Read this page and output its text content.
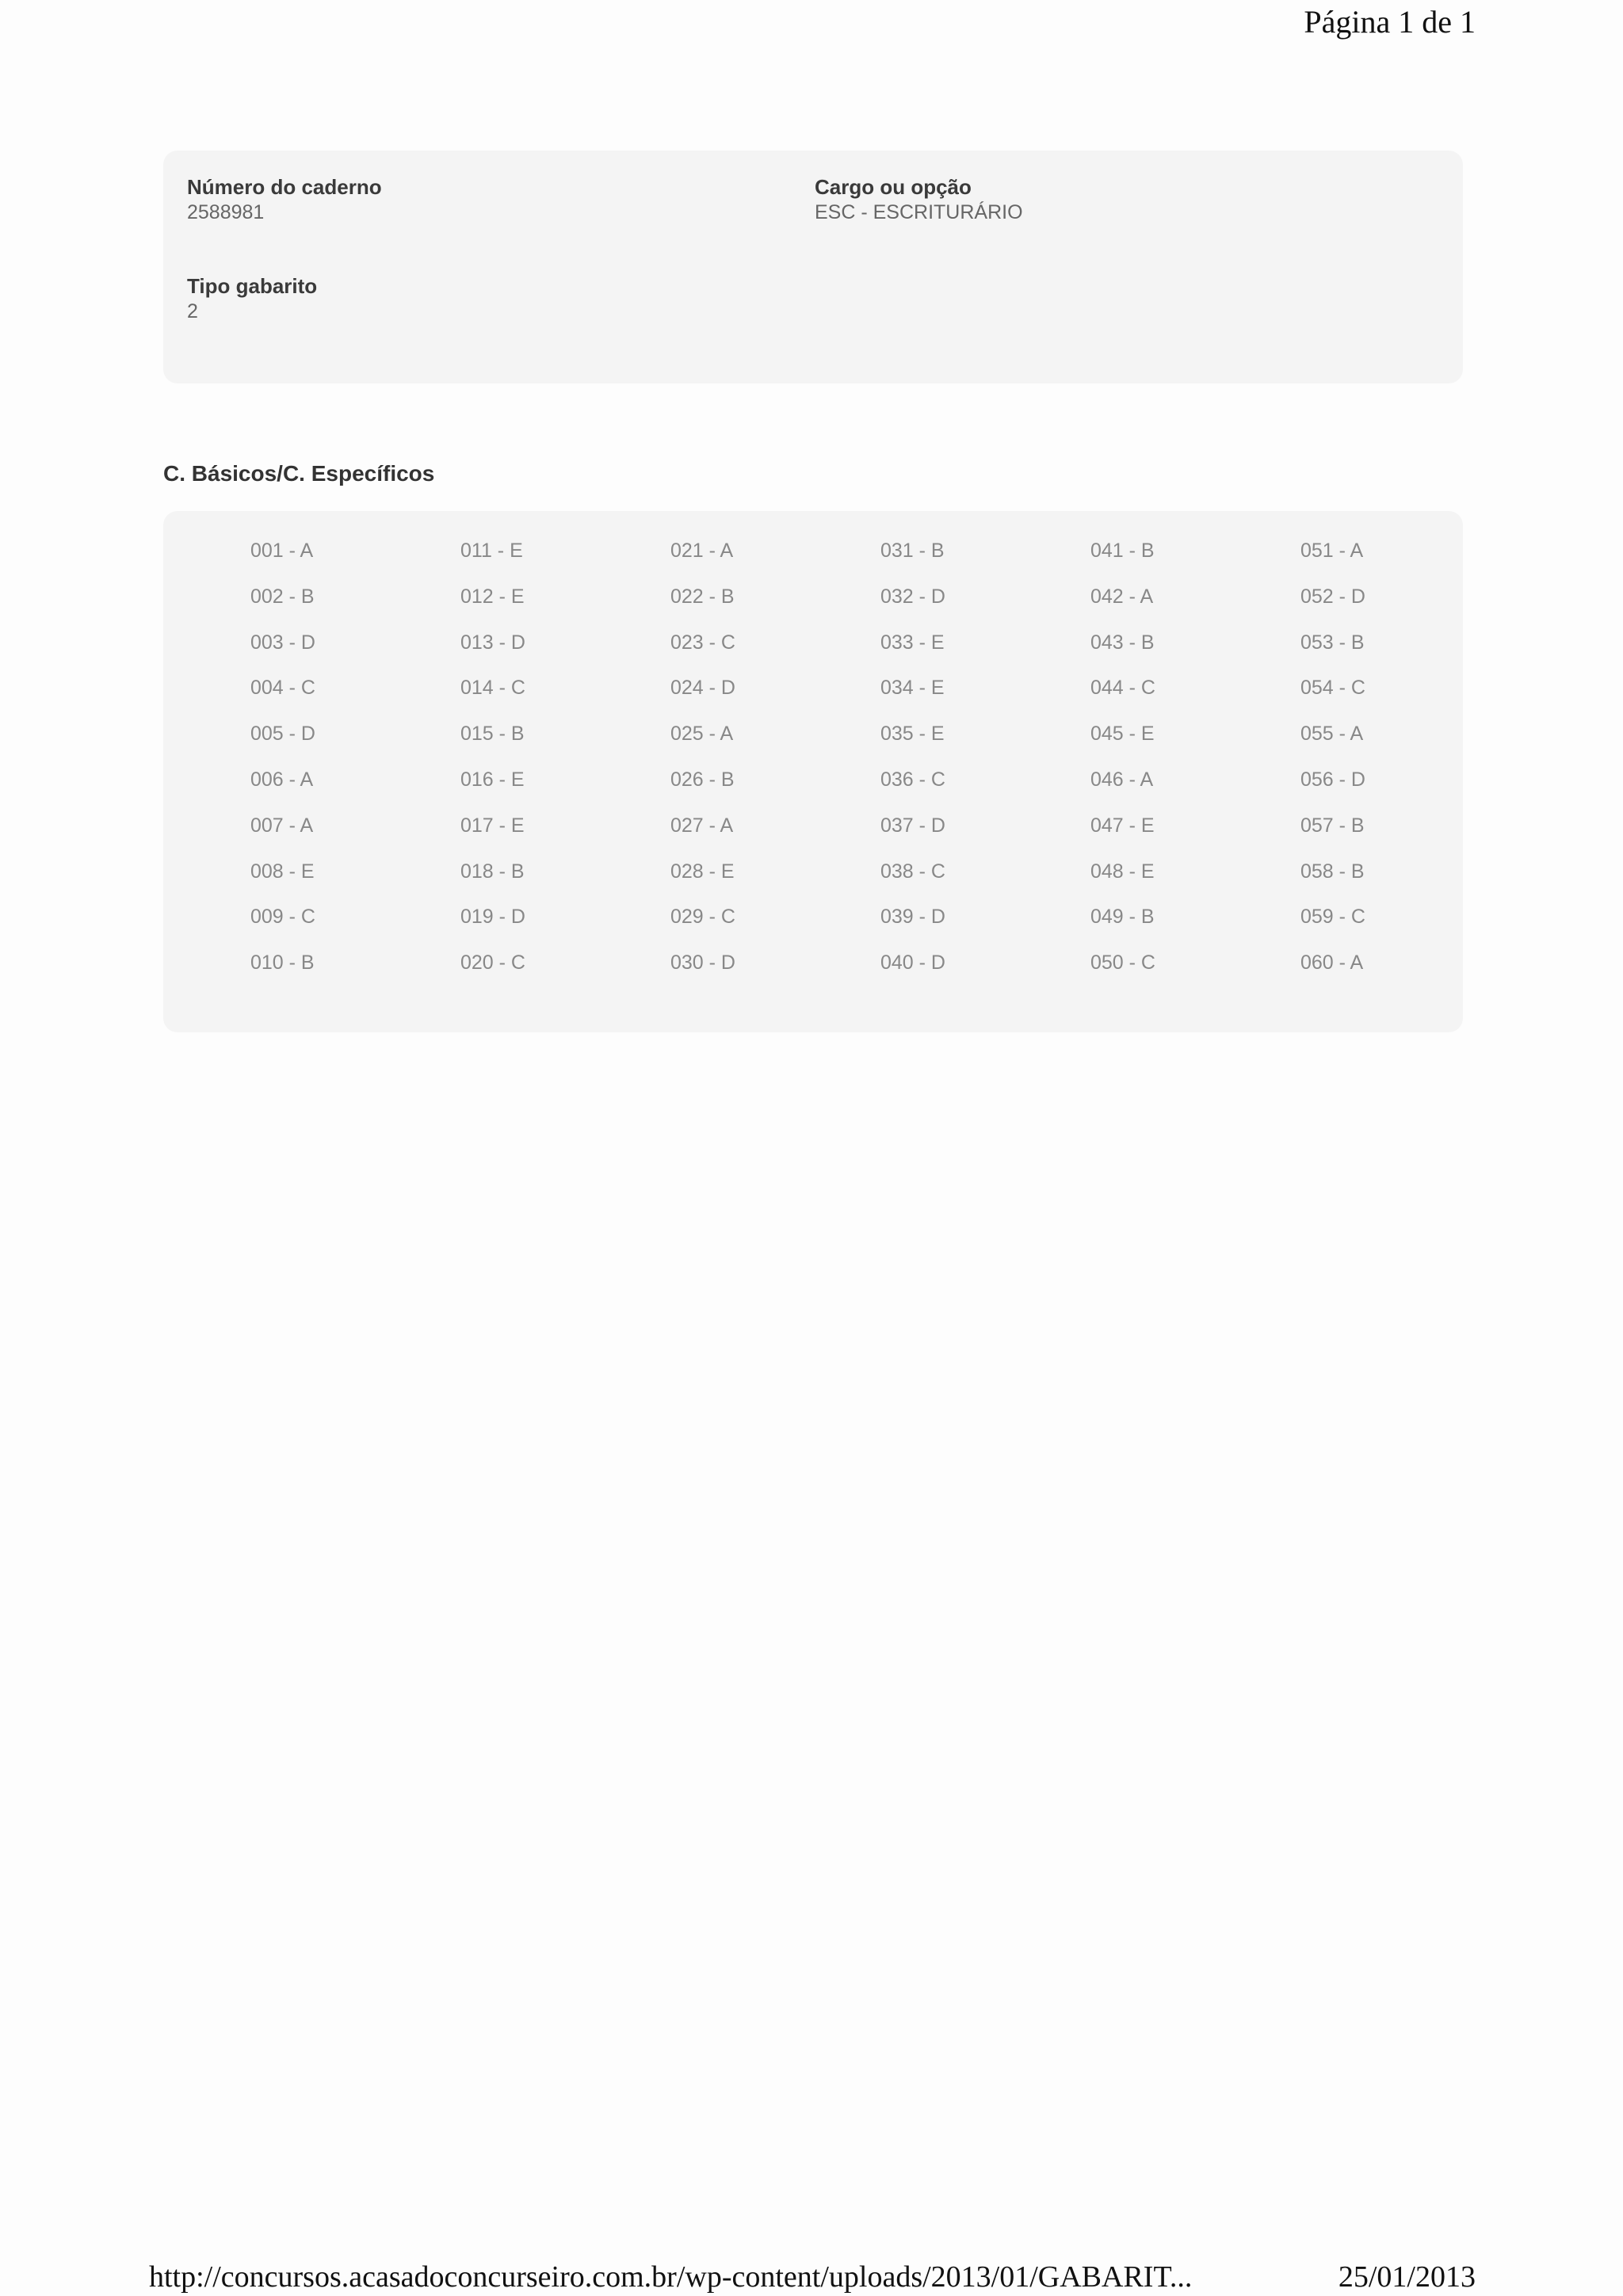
Página 1 de 1
Número do caderno
2588981
Cargo ou opção
ESC - ESCRITURÁRIO
Tipo gabarito
2
C. Básicos/C. Específicos
001 - A
002 - B
003 - D
004 - C
005 - D
006 - A
007 - A
008 - E
009 - C
010 - B
011 - E
012 - E
013 - D
014 - C
015 - B
016 - E
017 - E
018 - B
019 - D
020 - C
021 - A
022 - B
023 - C
024 - D
025 - A
026 - B
027 - A
028 - E
029 - C
030 - D
031 - B
032 - D
033 - E
034 - E
035 - E
036 - C
037 - D
038 - C
039 - D
040 - D
041 - B
042 - A
043 - B
044 - C
045 - E
046 - A
047 - E
048 - E
049 - B
050 - C
051 - A
052 - D
053 - B
054 - C
055 - A
056 - D
057 - B
058 - B
059 - C
060 - A
http://concursos.acasadoconcurseiro.com.br/wp-content/uploads/2013/01/GABARIT...	25/01/2013
